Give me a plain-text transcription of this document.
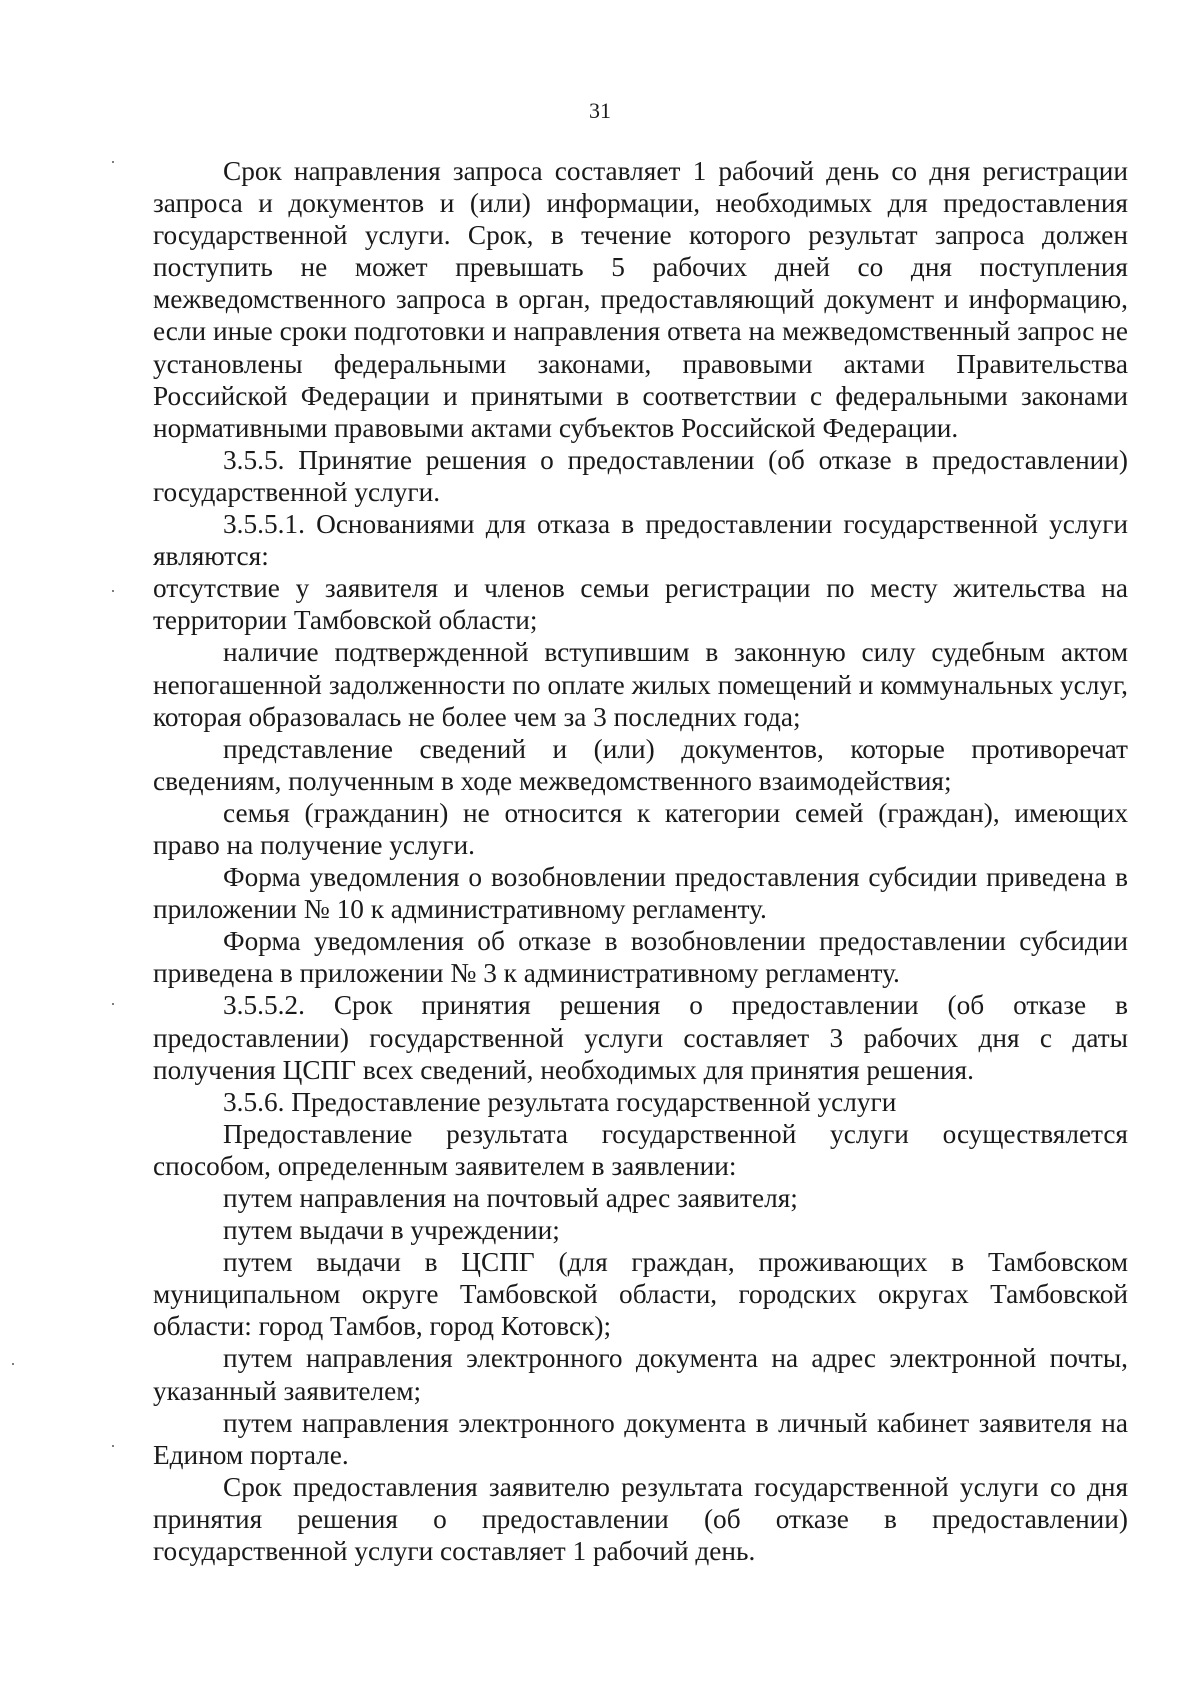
31

Срок направления запроса составляет 1 рабочий день со дня регистрации запроса и документов и (или) информации, необходимых для предоставления государственной услуги. Срок, в течение которого результат запроса должен поступить не может превышать 5 рабочих дней со дня поступления межведомственного запроса в орган, предоставляющий документ и информацию, если иные сроки подготовки и направления ответа на межведомственный запрос не установлены федеральными законами, правовыми актами Правительства Российской Федерации и принятыми в соответствии с федеральными законами нормативными правовыми актами субъектов Российской Федерации.

3.5.5. Принятие решения о предоставлении (об отказе в предоставлении) государственной услуги.

3.5.5.1. Основаниями для отказа в предоставлении государственной услуги являются:

отсутствие у заявителя и членов семьи регистрации по месту жительства на территории Тамбовской области;

наличие подтвержденной вступившим в законную силу судебным актом непогашенной задолженности по оплате жилых помещений и коммунальных услуг, которая образовалась не более чем за 3 последних года;

представление сведений и (или) документов, которые противоречат сведениям, полученным в ходе межведомственного взаимодействия;

семья (гражданин) не относится к категории семей (граждан), имеющих право на получение услуги.

Форма уведомления о возобновлении предоставления субсидии приведена в приложении № 10 к административному регламенту.

Форма уведомления об отказе в возобновлении предоставлении субсидии приведена в приложении № 3 к административному регламенту.

3.5.5.2. Срок принятия решения о предоставлении (об отказе в предоставлении) государственной услуги составляет 3 рабочих дня с даты получения ЦСПГ всех сведений, необходимых для принятия решения.

3.5.6. Предоставление результата государственной услуги

Предоставление результата государственной услуги осуществялется способом, определенным заявителем в заявлении:

путем направления на почтовый адрес заявителя;

путем выдачи в учреждении;

путем выдачи в ЦСПГ (для граждан, проживающих в Тамбовском муниципальном округе Тамбовской области, городских округах Тамбовской области: город Тамбов, город Котовск);

путем направления электронного документа на адрес электронной почты, указанный заявителем;

путем направления электронного документа в личный кабинет заявителя на Едином портале.

Срок предоставления заявителю результата государственной услуги со дня принятия решения о предоставлении (об отказе в предоставлении) государственной услуги составляет 1 рабочий день.
